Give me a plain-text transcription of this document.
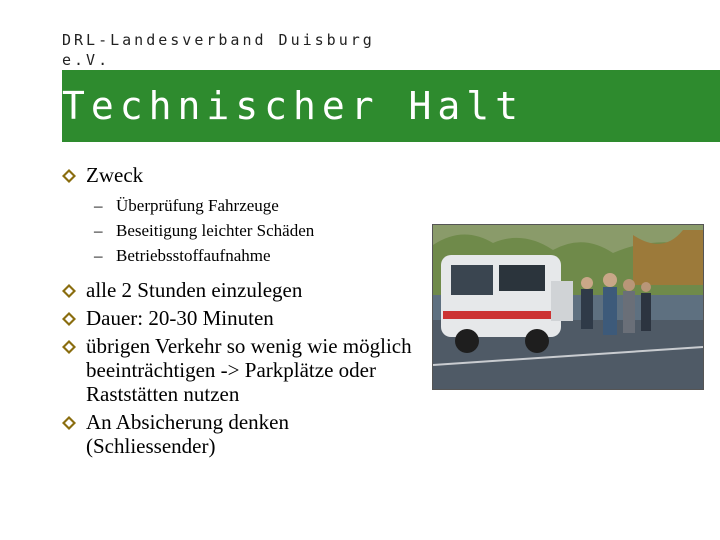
DRL-Landesverband Duisburg
e.V.
Technischer Halt
Zweck
– Überprüfung Fahrzeuge
– Beseitigung leichter Schäden
– Betriebsstoffaufnahme
alle 2 Stunden einzulegen
Dauer: 20-30 Minuten
übrigen Verkehr so wenig wie möglich beeinträchtigen -> Parkplätze oder Raststätten nutzen
An Absicherung denken (Schliessender)
